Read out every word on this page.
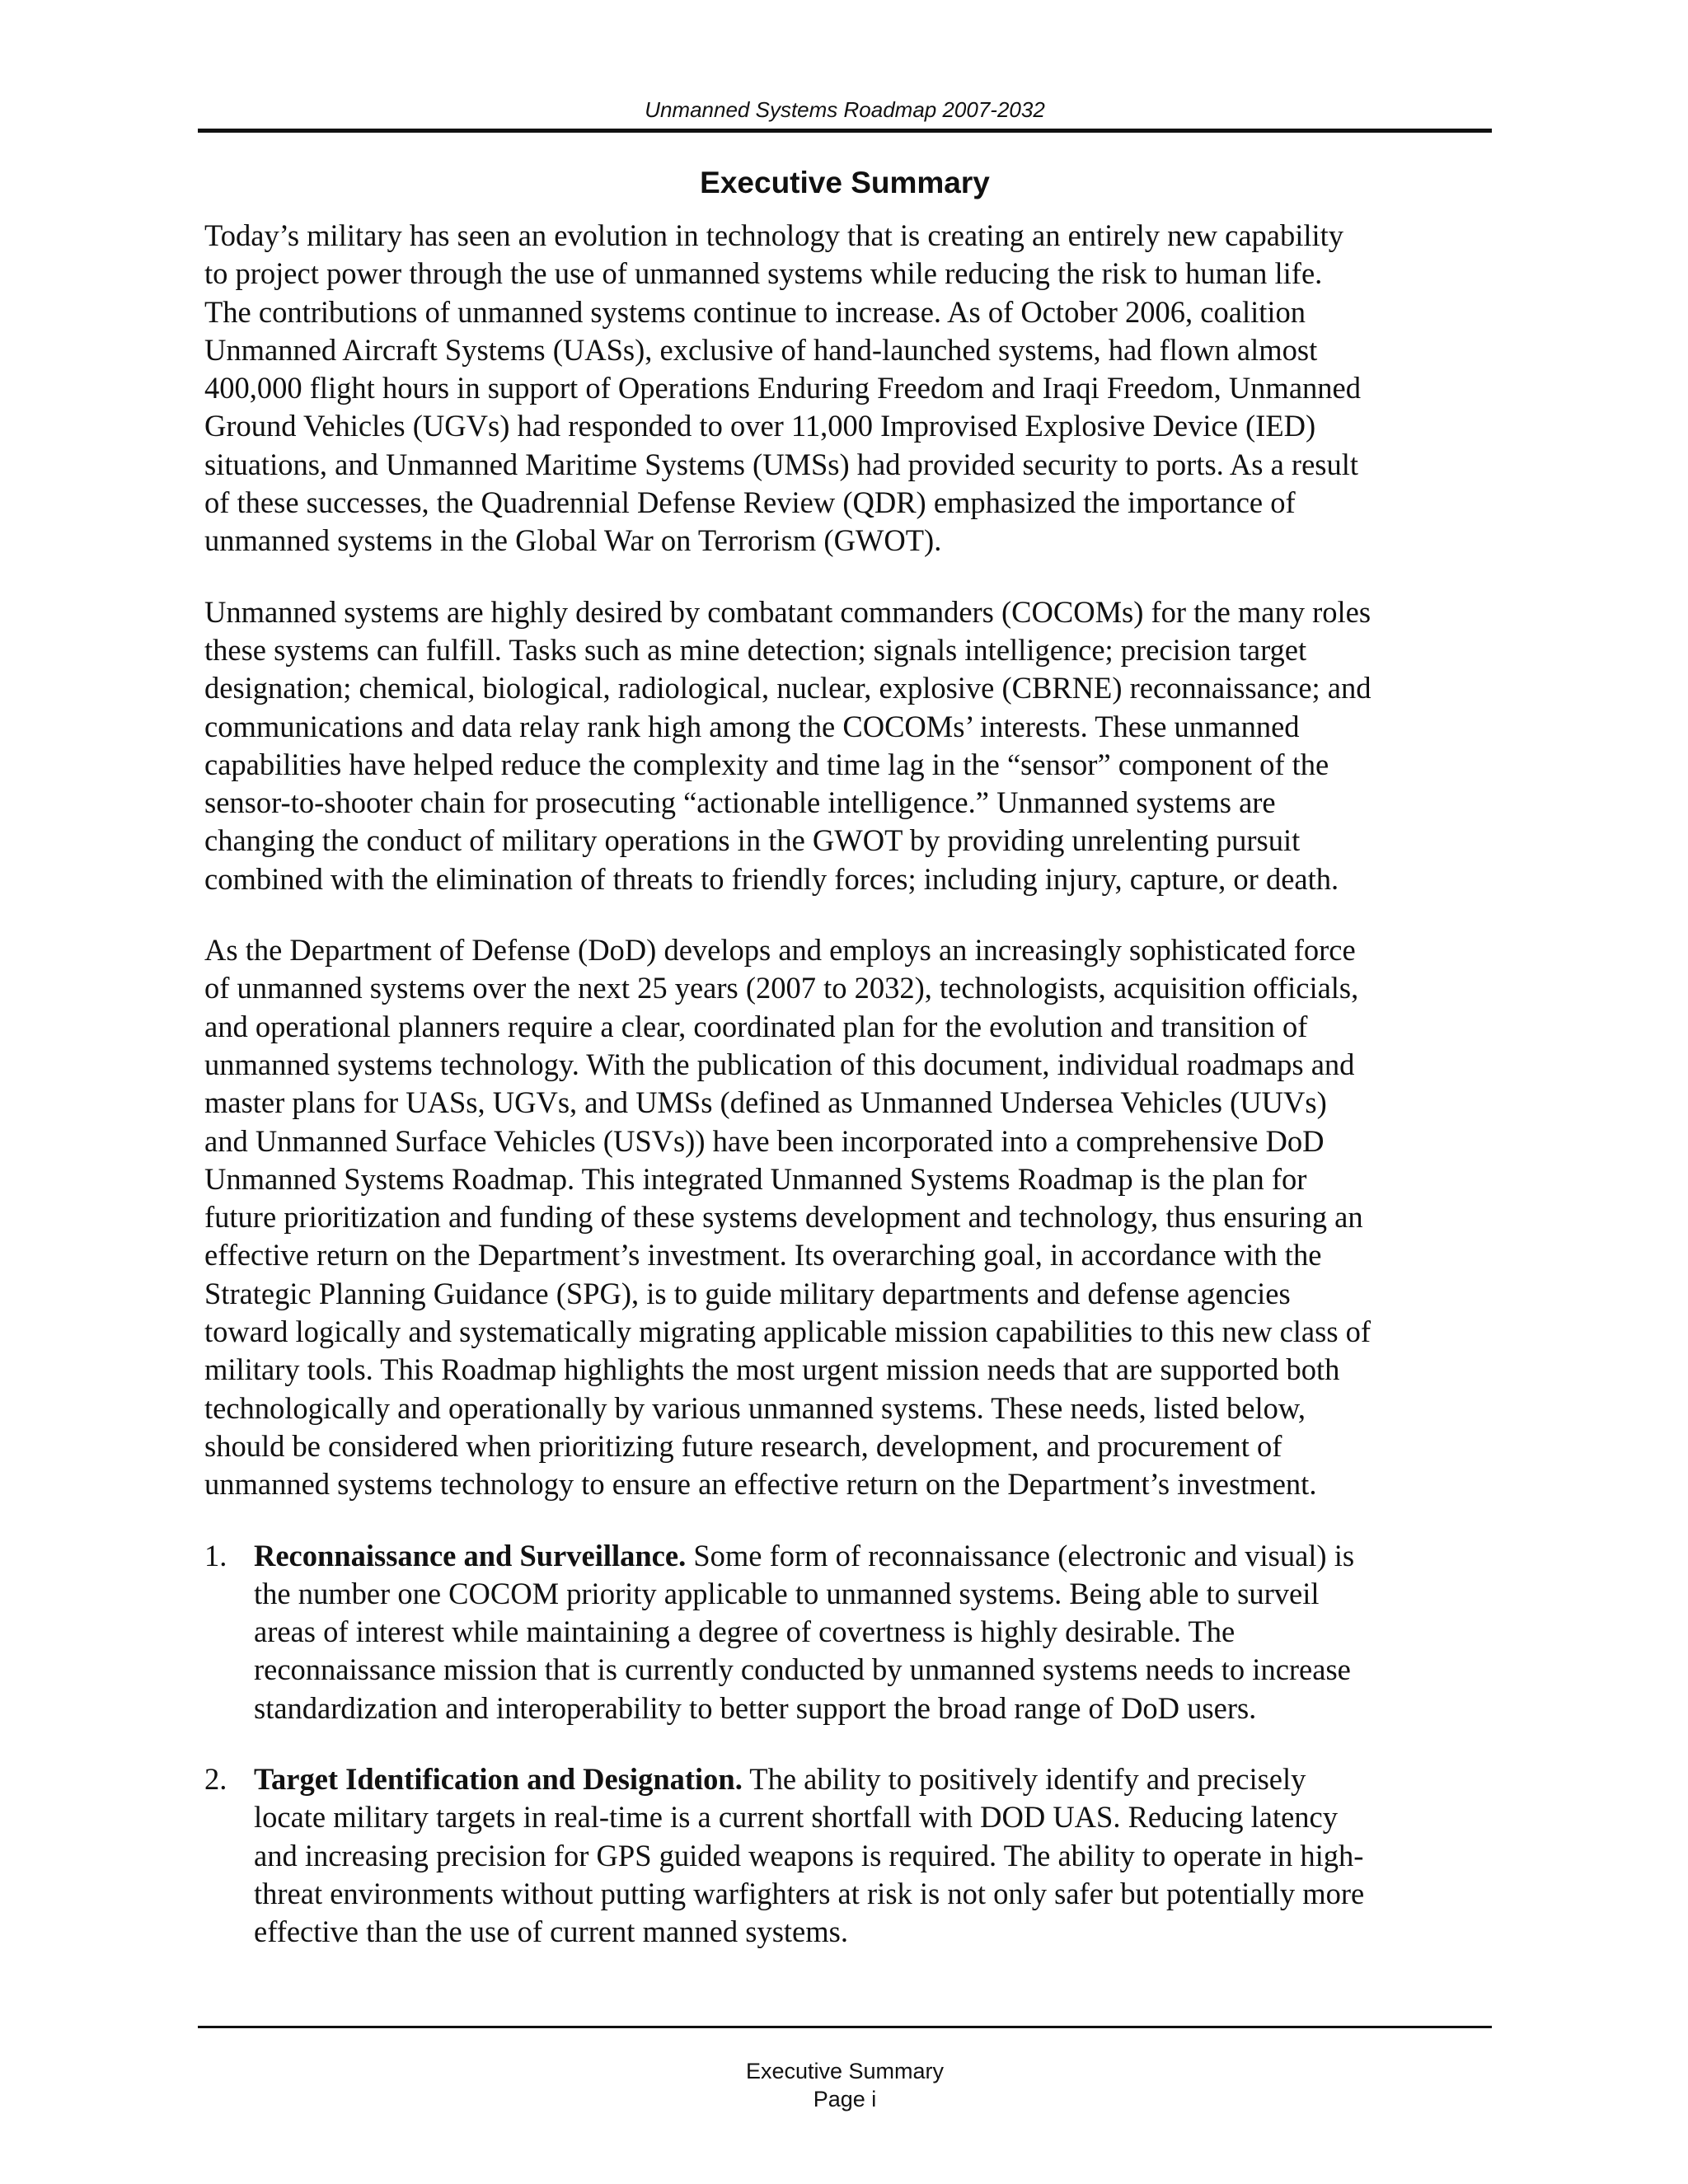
Unmanned Systems Roadmap 2007-2032
Executive Summary

Today’s military has seen an evolution in technology that is creating an entirely new capability
to project power through the use of unmanned systems while reducing the risk to human life.
The contributions of unmanned systems continue to increase. As of October 2006, coalition
Unmanned Aircraft Systems (UASs), exclusive of hand-launched systems, had flown almost
400,000 flight hours in support of Operations Enduring Freedom and Iraqi Freedom, Unmanned
Ground Vehicles (UGVs) had responded to over 11,000 Improvised Explosive Device (IED)
situations, and Unmanned Maritime Systems (UMSs) had provided security to ports. As a result
of these successes, the Quadrennial Defense Review (QDR) emphasized the importance of
unmanned systems in the Global War on Terrorism (GWOT).

Unmanned systems are highly desired by combatant commanders (COCOMs) for the many roles
these systems can fulfill. Tasks such as mine detection; signals intelligence; precision target
designation; chemical, biological, radiological, nuclear, explosive (CBRNE) reconnaissance; and
communications and data relay rank high among the COCOMs’ interests. These unmanned
capabilities have helped reduce the complexity and time lag in the “sensor” component of the
sensor-to-shooter chain for prosecuting “actionable intelligence.” Unmanned systems are
changing the conduct of military operations in the GWOT by providing unrelenting pursuit
combined with the elimination of threats to friendly forces; including injury, capture, or death.

As the Department of Defense (DoD) develops and employs an increasingly sophisticated force
of unmanned systems over the next 25 years (2007 to 2032), technologists, acquisition officials,
and operational planners require a clear, coordinated plan for the evolution and transition of
unmanned systems technology. With the publication of this document, individual roadmaps and
master plans for UASs, UGVs, and UMSs (defined as Unmanned Undersea Vehicles (UUVs)
and Unmanned Surface Vehicles (USVs)) have been incorporated into a comprehensive DoD
Unmanned Systems Roadmap. This integrated Unmanned Systems Roadmap is the plan for
future prioritization and funding of these systems development and technology, thus ensuring an
effective return on the Department’s investment. Its overarching goal, in accordance with the
Strategic Planning Guidance (SPG), is to guide military departments and defense agencies
toward logically and systematically migrating applicable mission capabilities to this new class of
military tools. This Roadmap highlights the most urgent mission needs that are supported both
technologically and operationally by various unmanned systems. These needs, listed below,
should be considered when prioritizing future research, development, and procurement of
unmanned systems technology to ensure an effective return on the Department’s investment.

1. Reconnaissance and Surveillance. Some form of reconnaissance (electronic and visual) is
the number one COCOM priority applicable to unmanned systems. Being able to surveil
areas of interest while maintaining a degree of covertness is highly desirable. The
reconnaissance mission that is currently conducted by unmanned systems needs to increase
standardization and interoperability to better support the broad range of DoD users.
2. Target Identification and Designation. The ability to positively identify and precisely
locate military targets in real-time is a current shortfall with DOD UAS. Reducing latency
and increasing precision for GPS guided weapons is required. The ability to operate in high-
threat environments without putting warfighters at risk is not only safer but potentially more
effective than the use of current manned systems.
Executive Summary
Page i
